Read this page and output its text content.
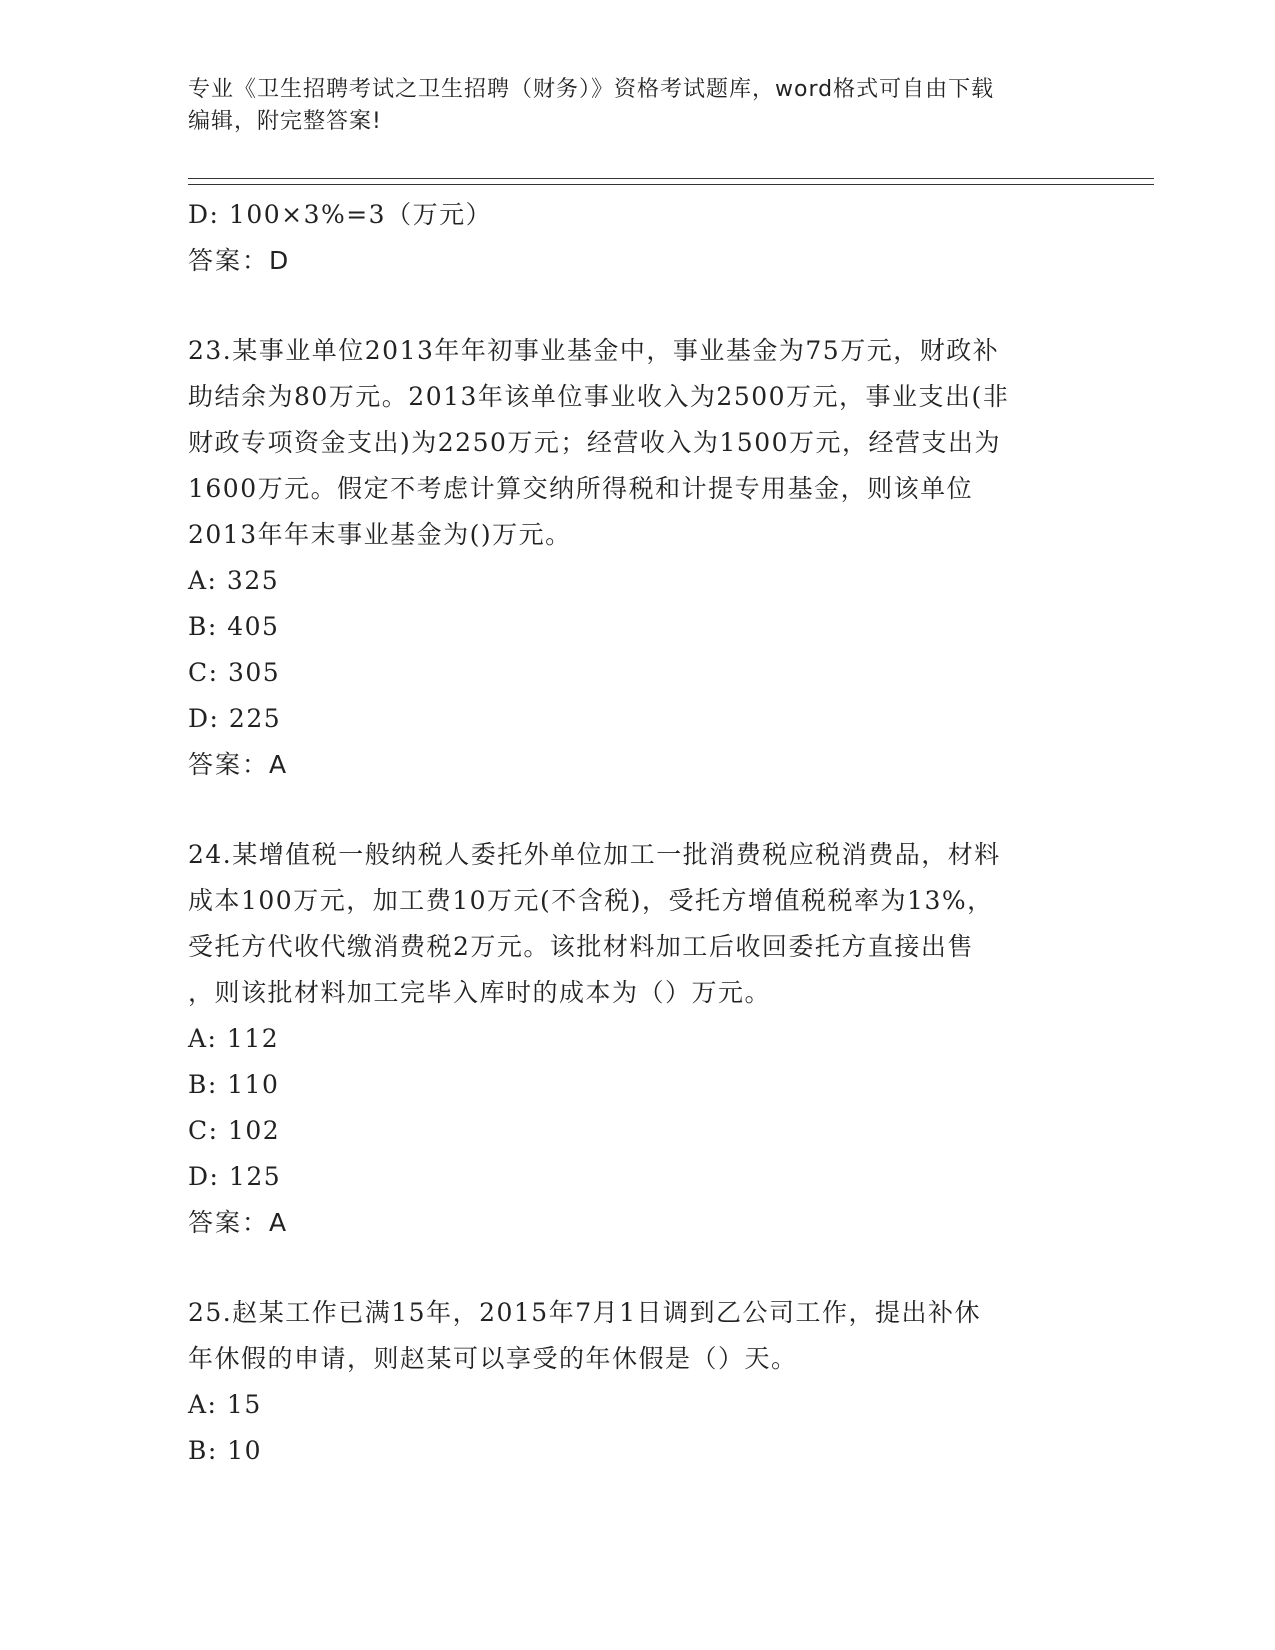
专业《卫生招聘考试之卫生招聘（财务）》资格考试题库，word格式可自由下载
编辑，附完整答案!
D: 100×3%=3（万元）
答案：D
23.某事业单位2013年年初事业基金中，事业基金为75万元，财政补
助结余为80万元。2013年该单位事业收入为2500万元，事业支出(非
财政专项资金支出)为2250万元；经营收入为1500万元，经营支出为
1600万元。假定不考虑计算交纳所得税和计提专用基金，则该单位
2013年年末事业基金为()万元。
A: 325
B: 405
C: 305
D: 225
答案：A
24.某增值税一般纳税人委托外单位加工一批消费税应税消费品，材料
成本100万元，加工费10万元(不含税)，受托方增值税税率为13%，
受托方代收代缴消费税2万元。该批材料加工后收回委托方直接出售
，则该批材料加工完毕入库时的成本为（）万元。
A: 112
B: 110
C: 102
D: 125
答案：A
25.赵某工作已满15年，2015年7月1日调到乙公司工作，提出补休
年休假的申请，则赵某可以享受的年休假是（）天。
A: 15
B: 10
